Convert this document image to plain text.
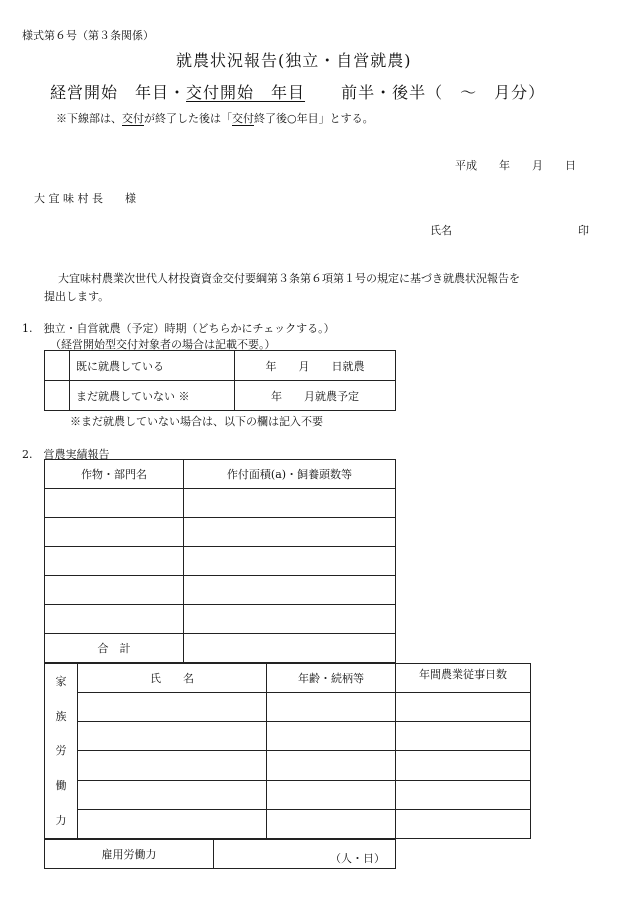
様式第６号（第３条関係）
就農状況報告(独立・自営就農)
経営開始　年目・交付開始　年目 前半・後半（　～　月分）
※下線部は、交付が終了した後は「交付終了後○年目」とする。
平成　　年　　月　　日
大 宜 味 村 長　　様
氏名	印
大宜味村農業次世代人材投資資金交付要綱第３条第６項第１号の規定に基づき就農状況報告を
提出します。
1.　独立・自営就農（予定）時期（どちらかにチェックする。）
（経営開始型交付対象者の場合は記載不要。）
	既に就農している	年　　月　　日就農
	まだ就農していない ※	年　　月就農予定
※まだ就農していない場合は、以下の欄は記入不要
2.　営農実績報告
作物・部門名	作付面積(a)・飼養頭数等

合　計	
家
族
労
働
力	氏　　名	年齢・続柄等	年間農業従事日数

雇用労働力	（人・日）
